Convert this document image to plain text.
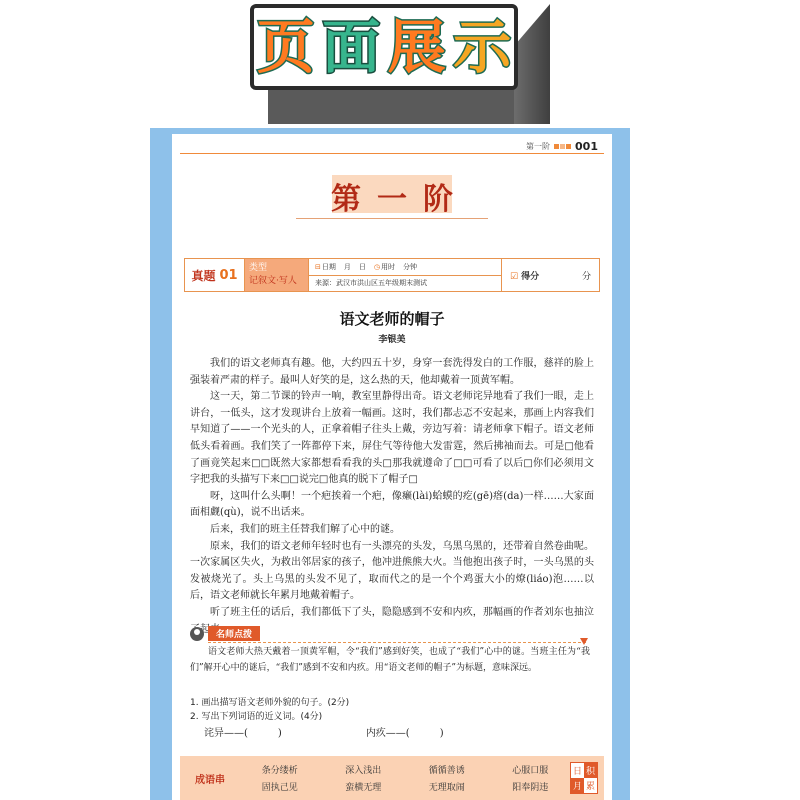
页 面 展 示
第一阶 001
第一阶
真题 01 类型
记叙文·写人
⊟日期 月 日 ◷用时 分钟
来源：武汉市洪山区五年级期末测试
☑ 得分	分
语文老师的帽子
李银美

我们的语文老师真有趣。他，大约四五十岁，身穿一套洗得发白的工作服，慈祥的脸上强装着严肃的样子。最叫人好笑的是，这么热的天，他却戴着一顶黄军帽。

这一天，第二节课的铃声一响，教室里静得出奇。语文老师诧异地看了我们一眼，走上讲台，一低头，这才发现讲台上放着一幅画。这时，我们都忐忑不安起来，那画上内容我们早知道了——一个光头的人，正拿着帽子往头上戴，旁边写着：请老师拿下帽子。语文老师低头看着画。我们笑了一阵都停下来，屏住气等待他大发雷霆，然后拂袖而去。可是□他看了画竟笑起来□□既然大家都想看看我的头□那我就遵命了□□可看了以后□你们必须用文字把我的头描写下来□□说完□他真的脱下了帽子□

呀，这叫什么头啊！一个疤挨着一个疤，像癞(lài)蛤蟆的疙(gē)瘩(da)一样……大家面面相觑(qù)，说不出话来。

后来，我们的班主任替我们解了心中的谜。

原来，我们的语文老师年轻时也有一头漂亮的头发，乌黑乌黑的，还带着自然卷曲呢。一次家属区失火，为救出邻居家的孩子，他冲进熊熊大火。当他抱出孩子时，一头乌黑的头发被烧光了。头上乌黑的头发不见了，取而代之的是一个个鸡蛋大小的燎(liáo)泡……以后，语文老师就长年累月地戴着帽子。

听了班主任的话后，我们都低下了头，隐隐感到不安和内疚，那幅画的作者刘东也抽泣 起

名师点拨
语文老师大热天戴着一顶黄军帽，令“我们”感到好笑，也成了“我们”心中的谜。当班主任为“我们”解开心中的谜后，“我们”感到不安和内疚。用“语文老师的帽子”为标题，意味深远。
1. 画出描写语文老师外貌的句子。(2分)
2. 写出下列词语的近义词。(4分)
诧异——(　　　)	内疚——(　　　)
成语串
条分缕析	深入浅出	循循善诱	心服口服
固执己见	蛮横无理	无理取闹	阳奉阴违
日 积
月 累
